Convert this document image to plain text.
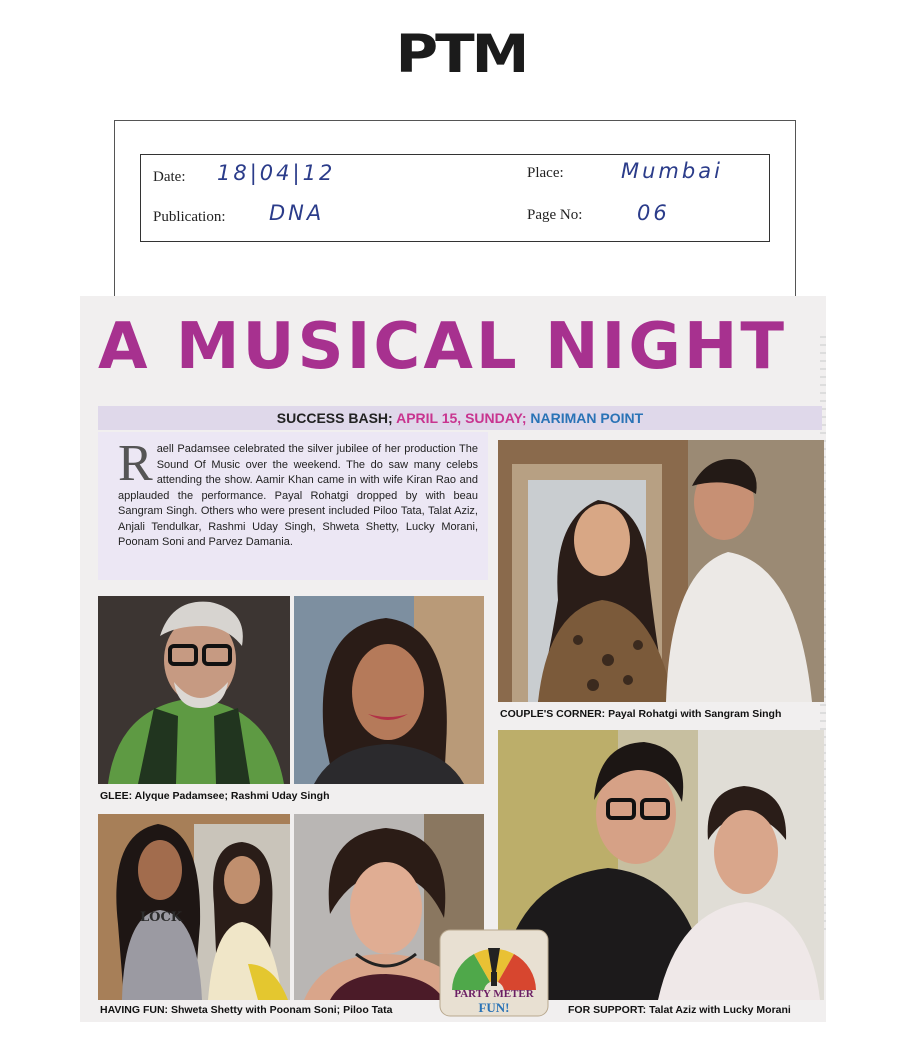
PTM
Date: 18|04|12	Place:	Mumbai
Publication: DNA	Page No:	06
A MUSICAL NIGHT
SUCCESS BASH; APRIL 15, SUNDAY; NARIMAN POINT
R aell Padamsee celebrated the silver jubilee of her production The Sound Of Music over the weekend. The do saw many celebs attending the show. Aamir Khan came in with wife Kiran Rao and applauded the performance. Payal Rohatgi dropped by with beau Sangram Singh. Others who were present included Piloo Tata, Talat Aziz, Anjali Tendulkar, Rashmi Uday Singh, Shweta Shetty, Lucky Morani, Poonam Soni and Parvez Damania.
COUPLE'S CORNER: Payal Rohatgi with Sangram Singh
GLEE: Alyque Padamsee; Rashmi Uday Singh
LOCK
HAVING FUN: Shweta Shetty with Poonam Soni; Piloo Tata	FOR SUPPORT: Talat Aziz with Lucky Morani
PARTY METER
FUN!
